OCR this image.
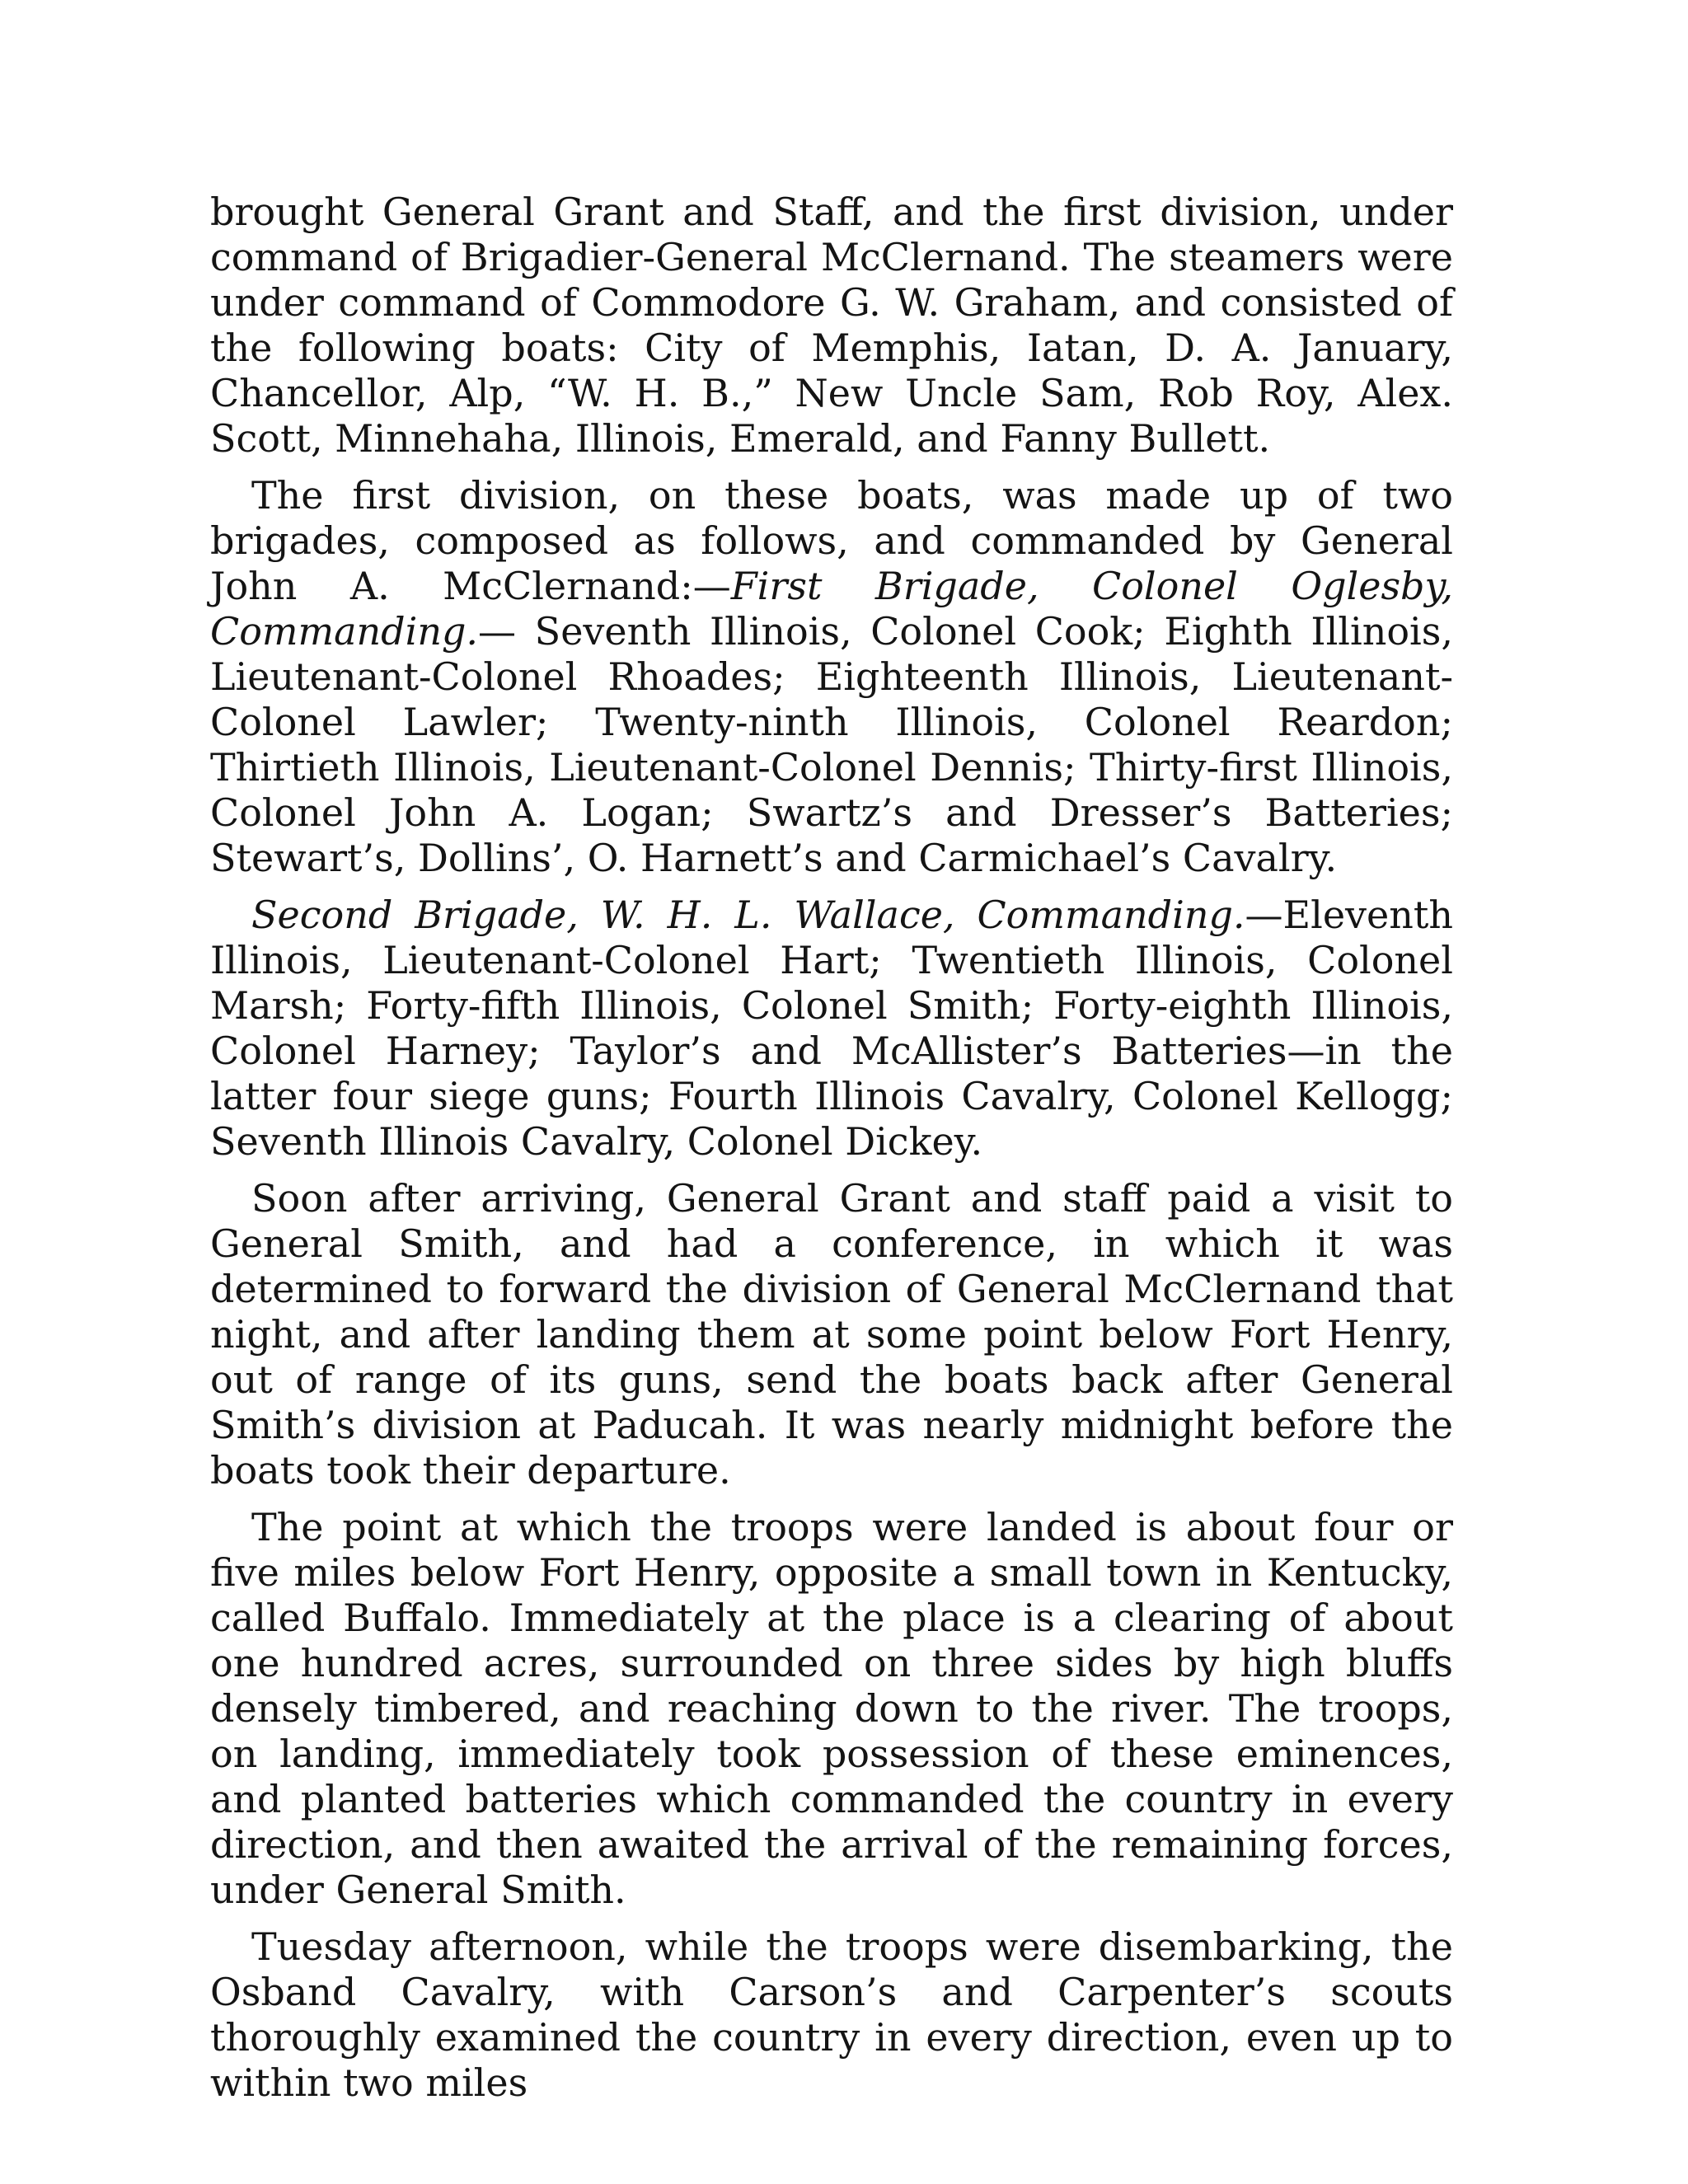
brought General Grant and Staff, and the first division, under command of Brigadier-General McClernand. The steamers were under command of Commodore G. W. Graham, and consisted of the following boats: City of Memphis, Iatan, D. A. January, Chancellor, Alp, “W. H. B.,” New Uncle Sam, Rob Roy, Alex. Scott, Minnehaha, Illinois, Emerald, and Fanny Bullett.

The first division, on these boats, was made up of two brigades, composed as follows, and commanded by General John A. McClernand:—First Brigade, Colonel Oglesby, Commanding.— Seventh Illinois, Colonel Cook; Eighth Illinois, Lieutenant-Colonel Rhoades; Eighteenth Illinois, Lieutenant-Colonel Lawler; Twenty-ninth Illinois, Colonel Reardon; Thirtieth Illinois, Lieutenant-Colonel Dennis; Thirty-first Illinois, Colonel John A. Logan; Swartz’s and Dresser’s Batteries; Stewart’s, Dollins’, O. Harnett’s and Carmichael’s Cavalry.

Second Brigade, W. H. L. Wallace, Commanding.—Eleventh Illinois, Lieutenant-Colonel Hart; Twentieth Illinois, Colonel Marsh; Forty-fifth Illinois, Colonel Smith; Forty-eighth Illinois, Colonel Harney; Taylor’s and McAllister’s Batteries—in the latter four siege guns; Fourth Illinois Cavalry, Colonel Kellogg; Seventh Illinois Cavalry, Colonel Dickey.

Soon after arriving, General Grant and staff paid a visit to General Smith, and had a conference, in which it was determined to forward the division of General McClernand that night, and after landing them at some point below Fort Henry, out of range of its guns, send the boats back after General Smith’s division at Paducah. It was nearly midnight before the boats took their departure.

The point at which the troops were landed is about four or five miles below Fort Henry, opposite a small town in Kentucky, called Buffalo. Immediately at the place is a clearing of about one hundred acres, surrounded on three sides by high bluffs densely timbered, and reaching down to the river. The troops, on landing, immediately took possession of these eminences, and planted batteries which commanded the country in every direction, and then awaited the arrival of the remaining forces, under General Smith.

Tuesday afternoon, while the troops were disembarking, the Osband Cavalry, with Carson’s and Carpenter’s scouts thoroughly examined the country in every direction, even up to within two miles
